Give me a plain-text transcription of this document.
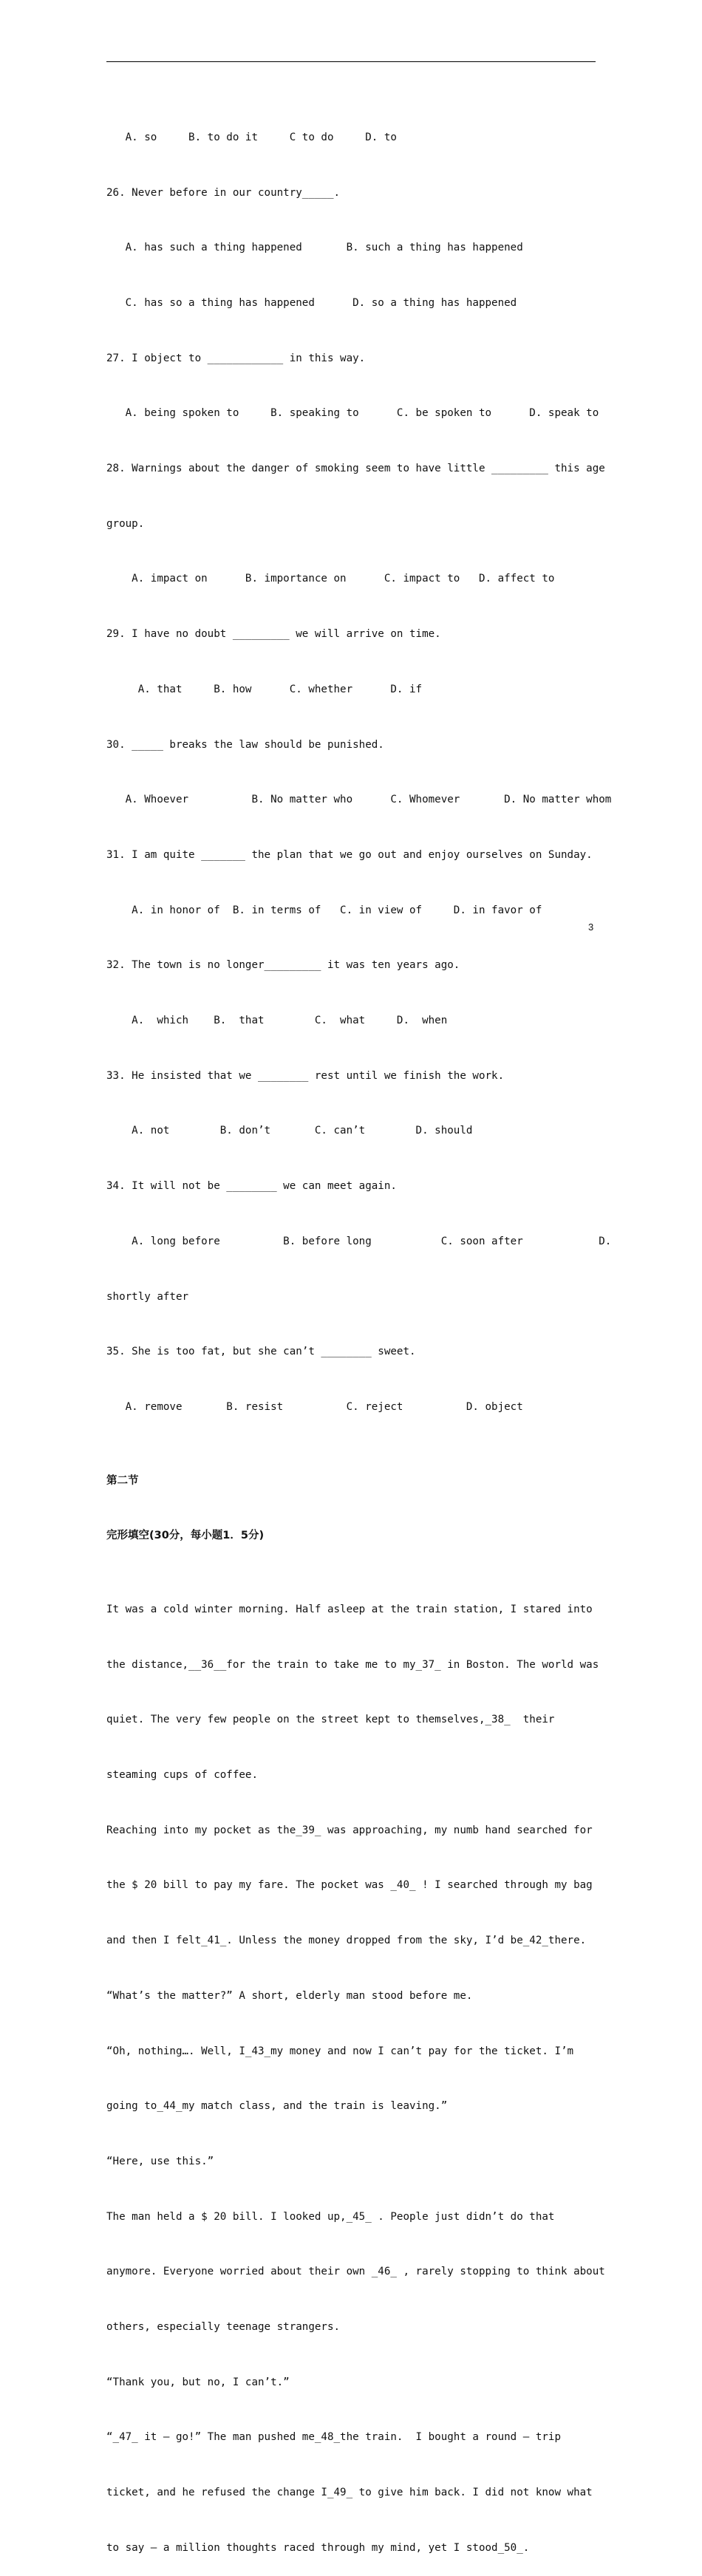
A. so     B. to do it     C to do     D. to

26. Never before in our country_____.

A. has such a thing happened       B. such a thing has happened

C. has so a thing has happened      D. so a thing has happened

27. I object to ____________ in this way.

A. being spoken to     B. speaking to      C. be spoken to      D. speak to

28. Warnings about the danger of smoking seem to have little _________ this age

group.

A. impact on      B. importance on      C. impact to   D. affect to

29. I have no doubt _________ we will arrive on time.

A. that     B. how      C. whether      D. if

30. _____ breaks the law should be punished.

A. Whoever          B. No matter who      C. Whomever       D. No matter whom

31. I am quite _______ the plan that we go out and enjoy ourselves on Sunday.

A. in honor of  B. in terms of   C. in view of     D. in favor of

32. The town is no longer_________ it was ten years ago.

A.  which    B.  that        C.  what     D.  when

33. He insisted that we ________ rest until we finish the work.

A. not        B. don’t       C. can’t        D. should

34. It will not be ________ we can meet again.

A. long before          B. before long           C. soon after            D.

shortly after

35. She is too fat, but she can’t ________ sweet.

A. remove       B. resist          C. reject          D. object

第二节

完形填空(30分，每小题1．5分)

It was a cold winter morning. Half asleep at the train station, I stared into

the distance,__36__for the train to take me to my_37_ in Boston. The world was

quiet. The very few people on the street kept to themselves,_38_  their

steaming cups of coffee.

Reaching into my pocket as the_39_ was approaching, my numb hand searched for

the $ 20 bill to pay my fare. The pocket was _40_ ! I searched through my bag

and then I felt_41_. Unless the money dropped from the sky, I’d be_42_there.

“What’s the matter?” A short, elderly man stood before me.

“Oh, nothing…. Well, I_43_my money and now I can’t pay for the ticket. I’m

going to_44_my match class, and the train is leaving.”

“Here, use this.”

The man held a $ 20 bill. I looked up,_45_ . People just didn’t do that

anymore. Everyone worried about their own _46_ , rarely stopping to think about

others, especially teenage strangers.

“Thank you, but no, I can’t.”

“_47_ it – go!” The man pushed me_48_the train.  I bought a round – trip

ticket, and he refused the change I_49_ to give him back. I did not know what

to say – a million thoughts raced through my mind, yet I stood_50_.

3
